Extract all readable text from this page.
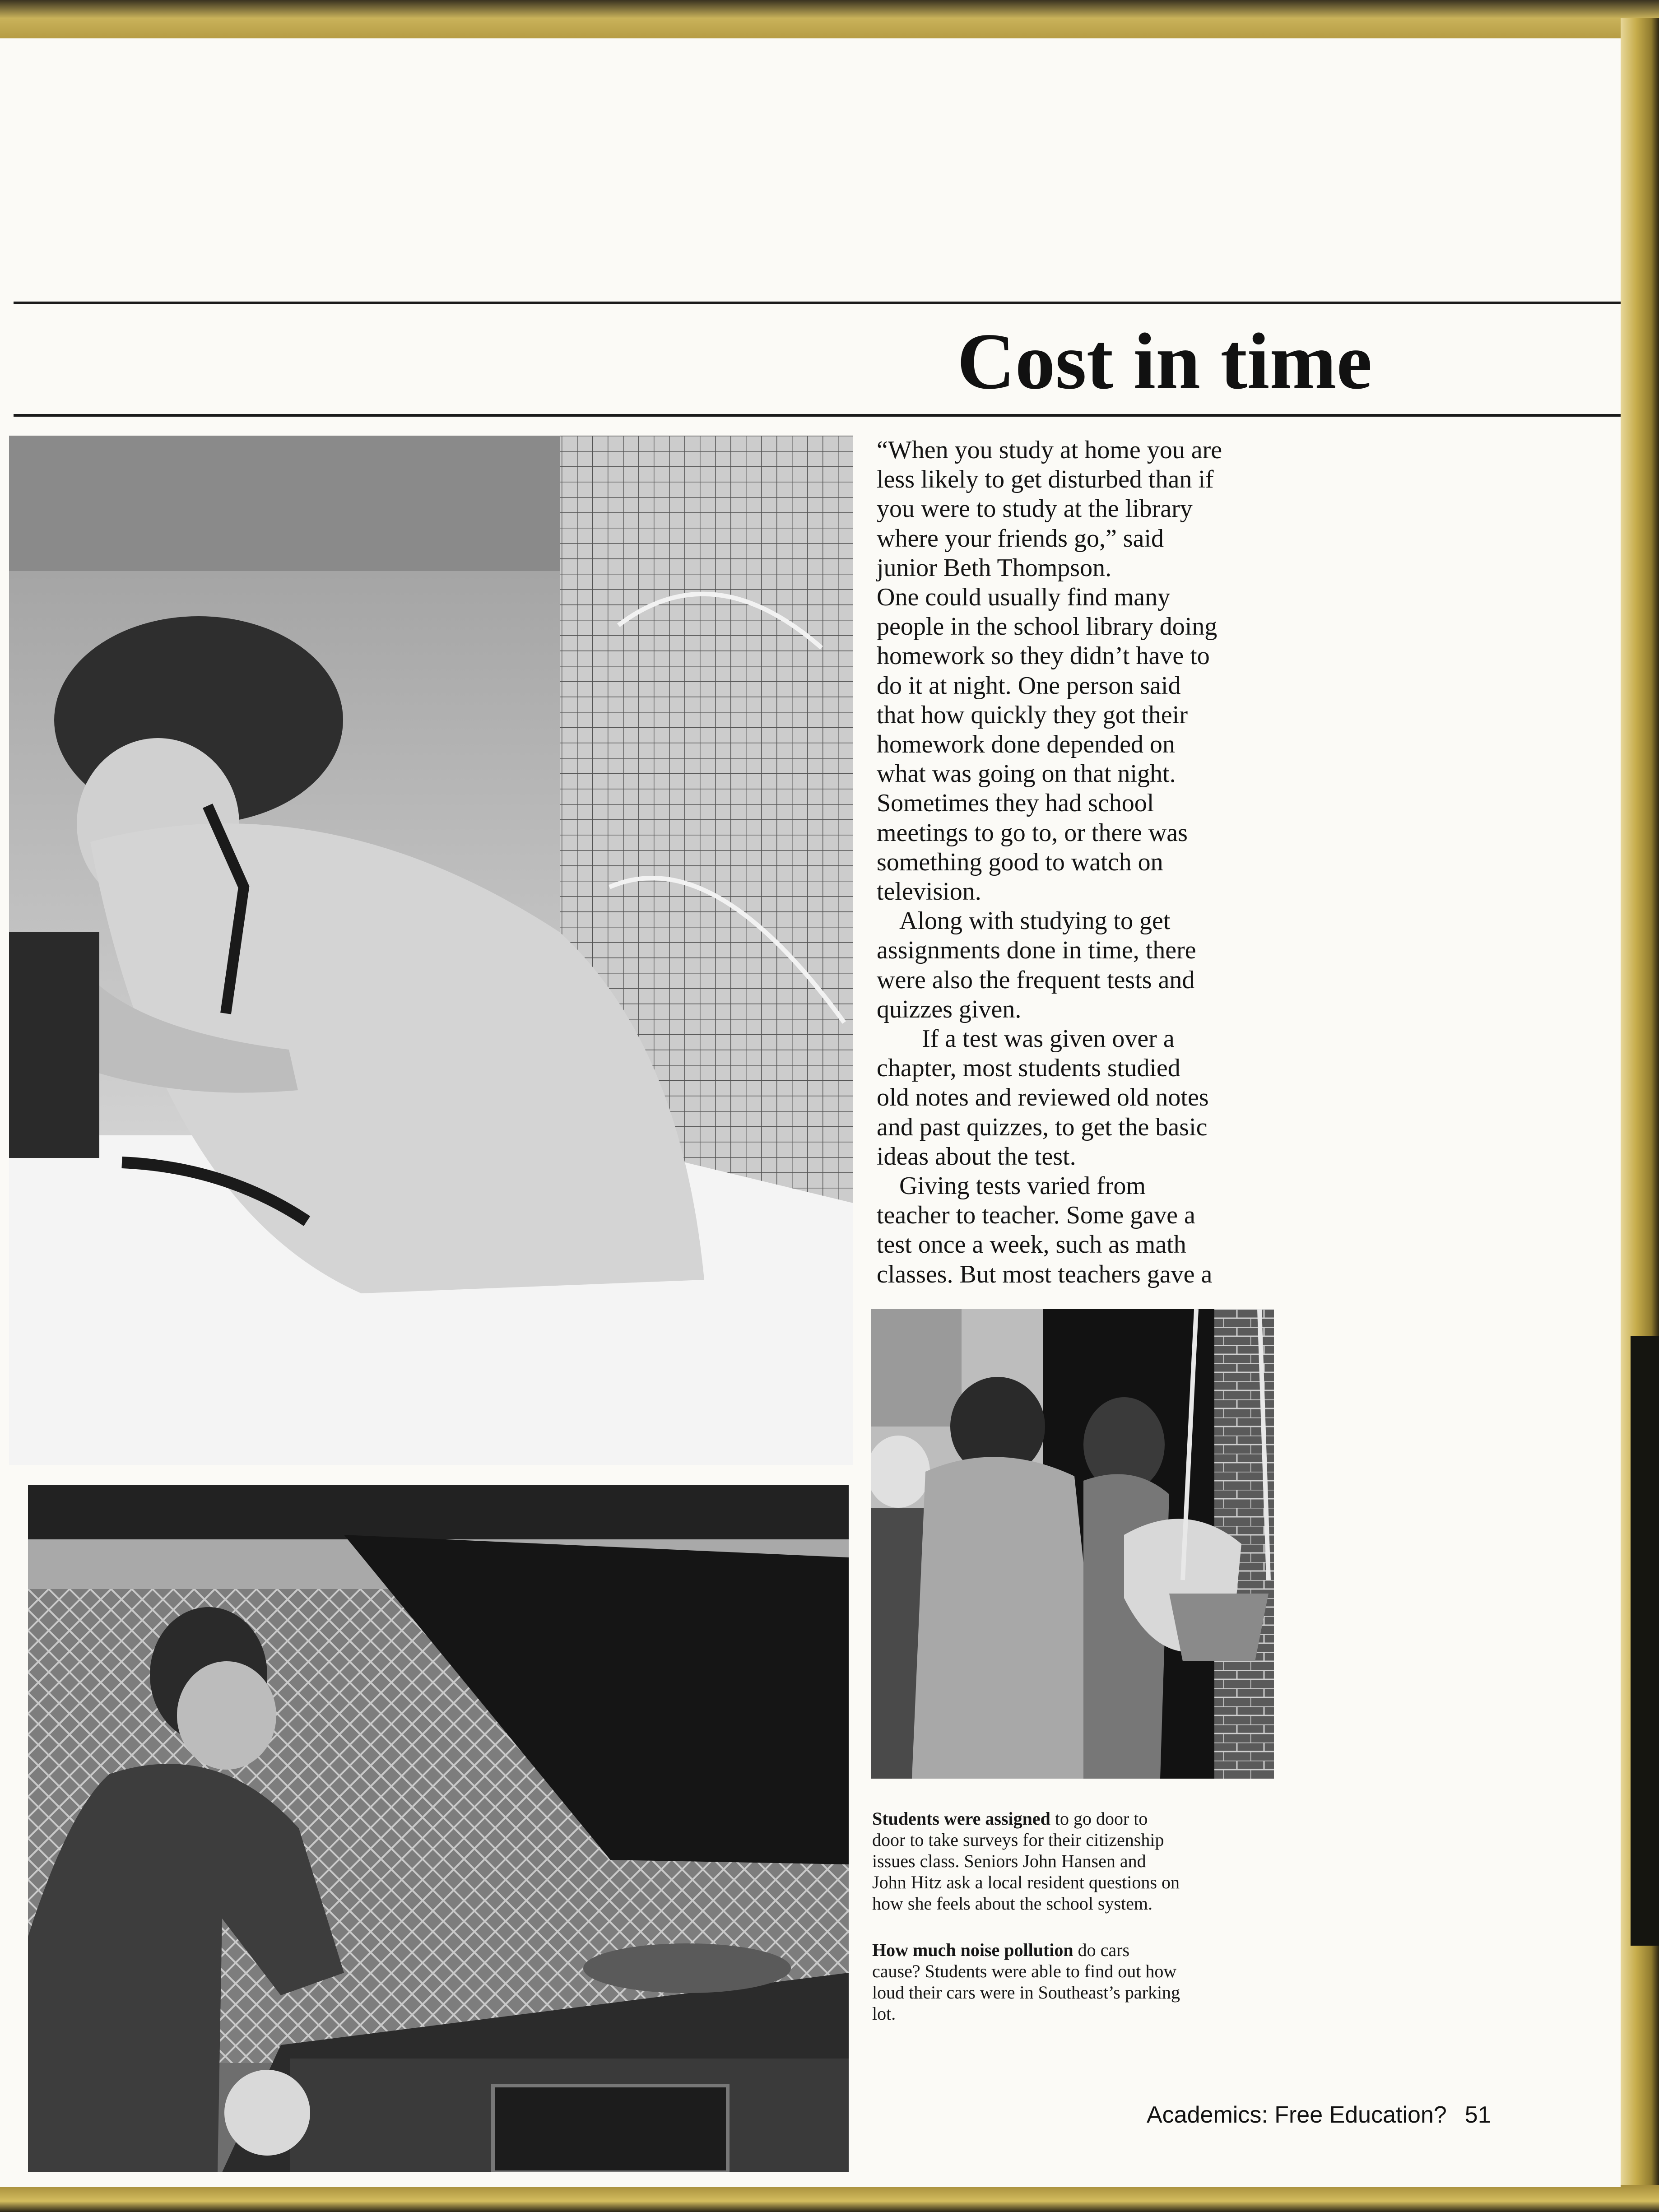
Cost in time

“When you study at home you are

less likely to get disturbed than if

you were to study at the library

where your friends go,” said

junior Beth Thompson.

One could usually find many

people in the school library doing

homework so they didn’t have to

do it at night. One person said

that how quickly they got their

homework done depended on

what was going on that night.

Sometimes they had school

meetings to go to, or there was

something good to watch on

television.

Along with studying to get

assignments done in time, there

were also the frequent tests and

quizzes given.

If a test was given over a

chapter, most students studied

old notes and reviewed old notes

and past quizzes, to get the basic

ideas about the test.

Giving tests varied from

teacher to teacher. Some gave a

test once a week, such as math

classes. But most teachers gave a

Students were assigned to go door to
door to take surveys for their citizenship
issues class. Seniors John Hansen and
John Hitz ask a local resident questions on
how she feels about the school system.
How much noise pollution do cars
cause? Students were able to find out how
loud their cars were in Southeast’s parking
lot.
Academics: Free Education? 51
